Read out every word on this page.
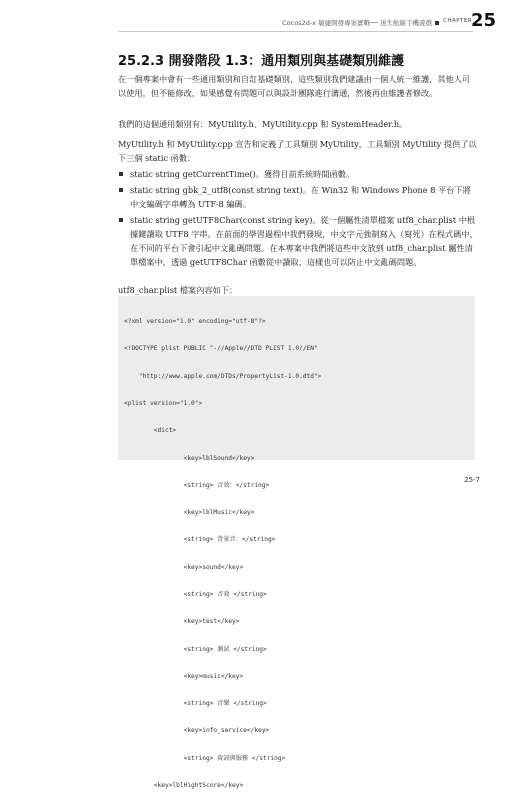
Cocos2d-x 敏捷開發專案實戰── 迷失航線手機遊戲	CHAPTER
25
25.2.3 開發階段 1.3：通用類別與基礎類別維護
在一個專案中會有一些通用類別和自訂基礎類別，這些類別我們建議由一個人統一維護，其他人可以使用，但不能修改，如果感覺有問題可以與設計團隊進行溝通，然後再由維護者修改。
我們的這個通用類別有：MyUtility.h、MyUtility.cpp 和 SystemHeader.h。
MyUtility.h 和 MyUtility.cpp 宣告和定義了工具類別 MyUtility，工具類別 MyUtility 提供了以下三個 static 函數：
static string getCurrentTime()。獲得目前系統時間函數。
static string gbk_2_utf8(const string text)。在 Win32 和 Windows Phone 8 平台下將中文編碼字串轉為 UTF-8 編碼。
static string getUTF8Char(const string key)。從一個屬性清單檔案 utf8_char.plist 中根據鍵讀取 UTF8 字串。在前面的學習過程中我們發現，中文字元強制寫入（寫死）在程式碼中，在不同的平台下會引起中文亂碼問題。在本專案中我們將這些中文放到 utf8_char.plist 屬性清單檔案中，透過 getUTF8Char 函數從中讀取，這樣也可以防止中文亂碼問題。
utf8_char.plist 檔案內容如下：

<?xml version="1.0" encoding="utf-8"?>

<!DOCTYPE plist PUBLIC "-//Apple//DTD PLIST 1.0//EN"

"http://www.apple.com/DTDs/PropertyList-1.0.dtd">

<plist version="1.0">

<dict>

<key>lblSound</key>

<string> 音效：</string>

<key>lblMusic</key>

<string> 背景音：</string>

<key>sound</key>

<string> 音效 </string>

<key>test</key>

<string> 測試 </string>

<key>music</key>

<string> 音樂 </string>

<key>info_service</key>

<string> 資訊與服務 </string>

<key>lblHightScore</key>

25-7
